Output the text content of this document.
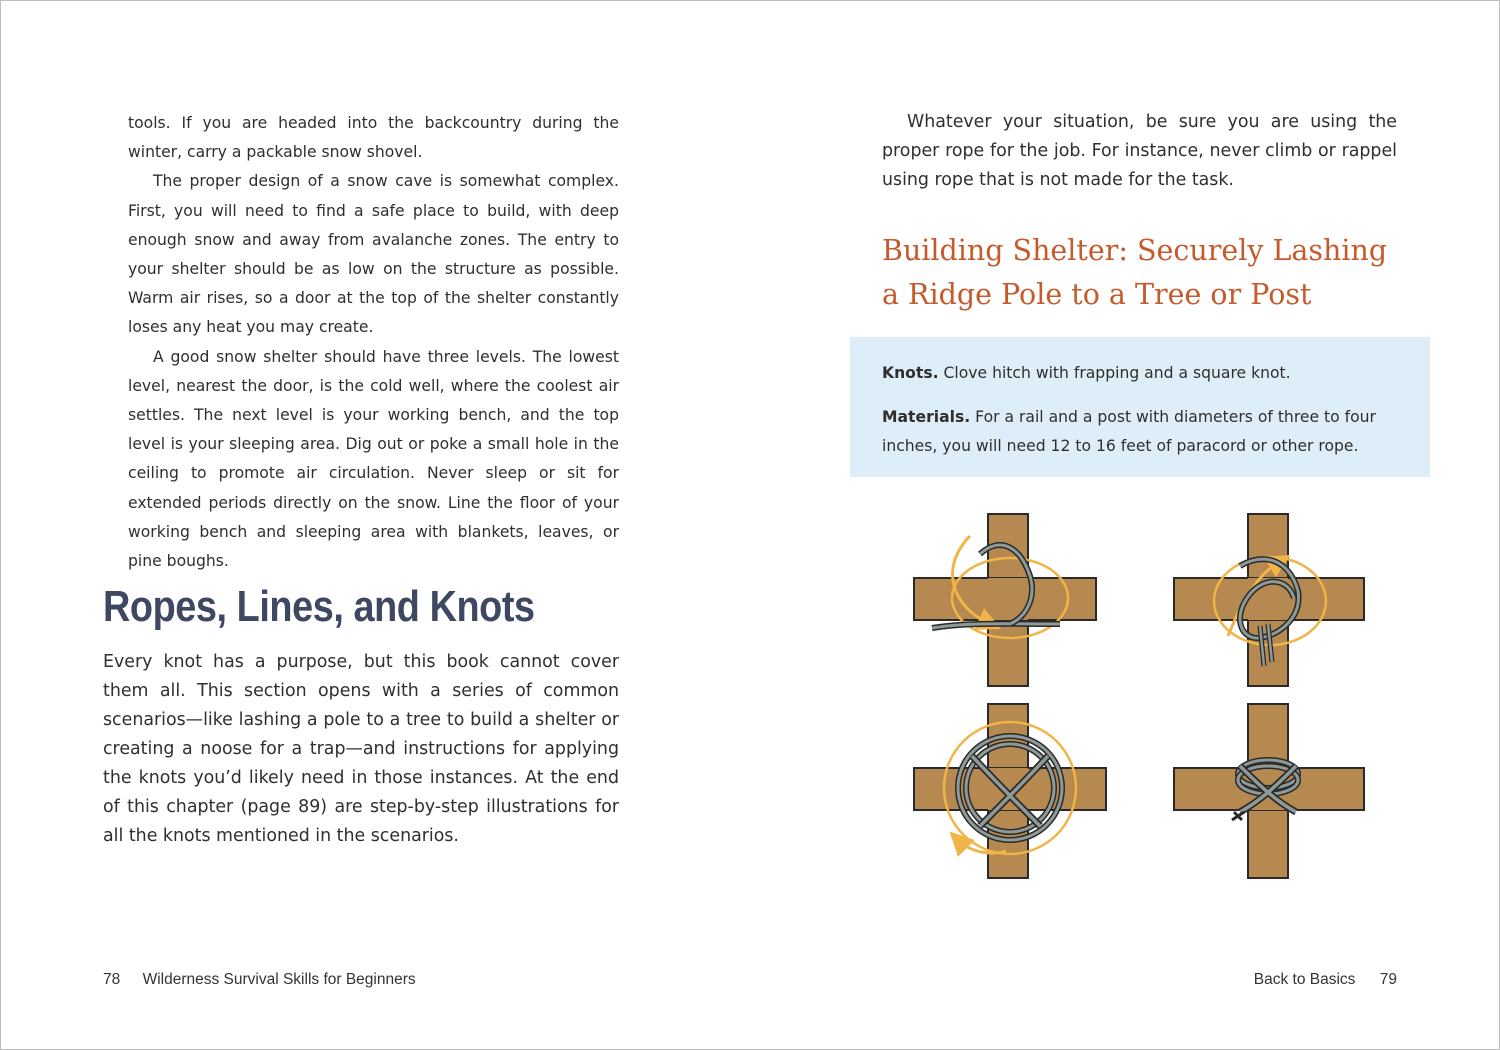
tools. If you are headed into the backcountry during the winter, carry a packable snow shovel.

The proper design of a snow cave is somewhat complex. First, you will need to find a safe place to build, with deep enough snow and away from avalanche zones. The entry to your shelter should be as low on the structure as possible. Warm air rises, so a door at the top of the shelter constantly loses any heat you may create.

A good snow shelter should have three levels. The lowest level, nearest the door, is the cold well, where the coolest air settles. The next level is your working bench, and the top level is your sleeping area. Dig out or poke a small hole in the ceiling to promote air circulation. Never sleep or sit for extended periods directly on the snow. Line the floor of your working bench and sleeping area with blankets, leaves, or pine boughs.

Ropes, Lines, and Knots

Every knot has a purpose, but this book cannot cover them all. This section opens with a series of common scenarios—like lashing a pole to a tree to build a shelter or creating a noose for a trap—and instructions for applying the knots you’d likely need in those instances. At the end of this chapter (page 89) are step-by-step illustrations for all the knots mentioned in the scenarios.

78 Wilderness Survival Skills for Beginners

Whatever your situation, be sure you are using the proper rope for the job. For instance, never climb or rappel using rope that is not made for the task.

Building Shelter: Securely Lashing a Ridge Pole to a Tree or Post

Knots. Clove hitch with frapping and a square knot.

Materials. For a rail and a post with diameters of three to four inches, you will need 12 to 16 feet of paracord or other rope.

Back to Basics 79
